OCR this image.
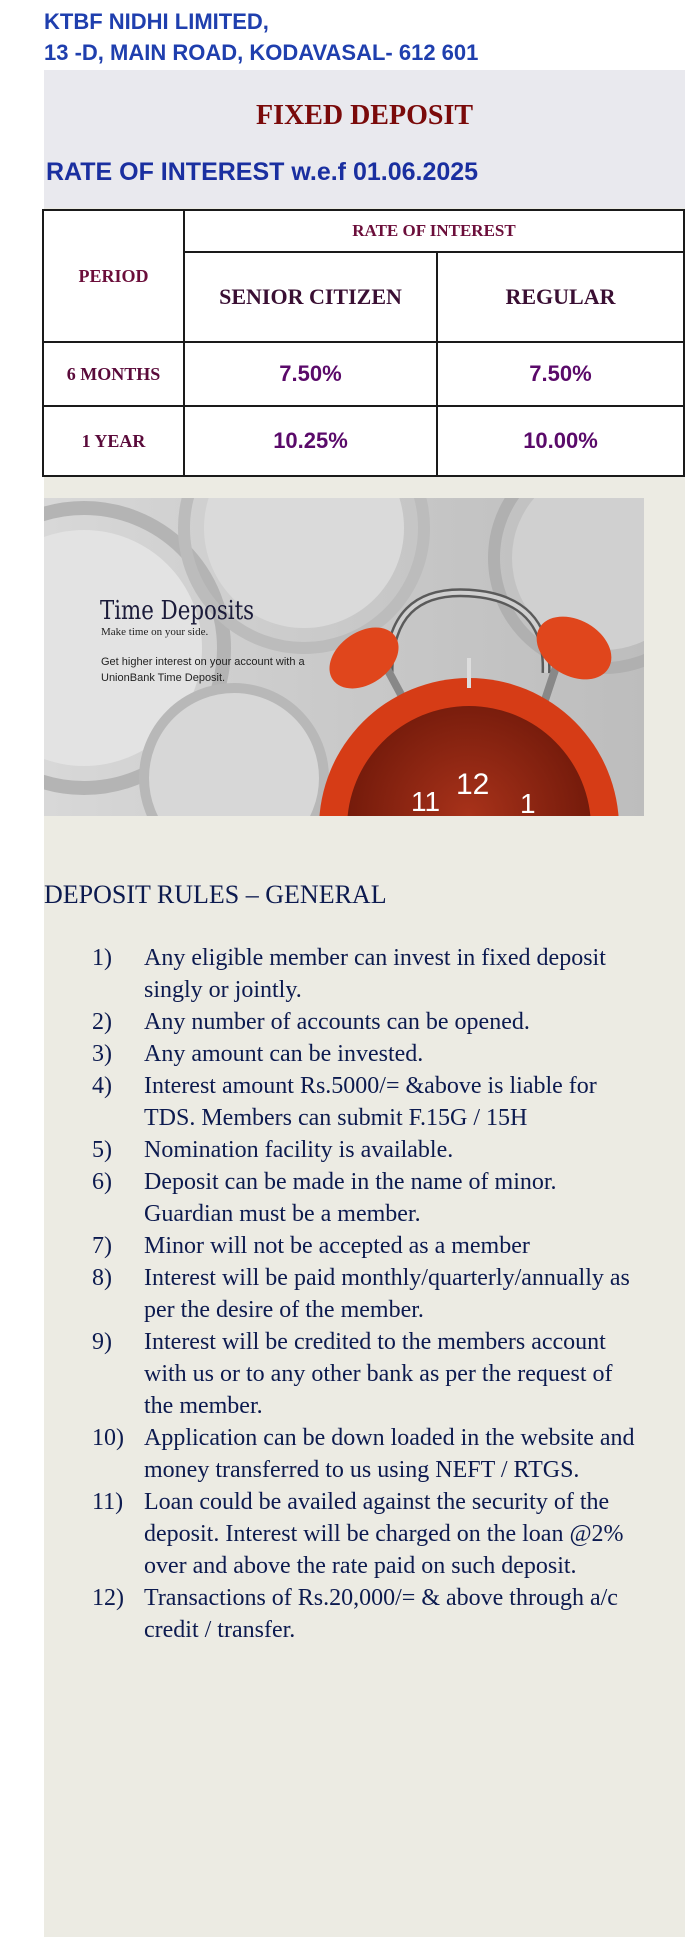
KTBF NIDHI LIMITED,
13 -D, MAIN ROAD, KODAVASAL- 612 601
FIXED DEPOSIT
RATE OF INTEREST w.e.f 01.06.2025
PERIOD	RATE OF INTEREST	
	SENIOR CITIZEN	REGULAR
6 MONTHS	7.50%	7.50%
1 YEAR	10.25%	10.00%
Time Deposits
Make time on your side.
Get higher interest on your account with a UnionBank Time Deposit.
11
12
1
DEPOSIT RULES – GENERAL
1) Any eligible member can invest in fixed deposit singly or jointly.
2) Any number of accounts can be opened.
3) Any amount can be invested.
4) Interest amount Rs.5000/= &above is liable for TDS. Members can submit F.15G / 15H
5) Nomination facility is available.
6) Deposit can be made in the name of minor. Guardian must be a member.
7) Minor will not be accepted as a member
8) Interest will be paid monthly/quarterly/annually as per the desire of the member.
9) Interest will be credited to the members account with us or to any other bank as per the request of the member.
10) Application can be down loaded in the website and money transferred to us using NEFT / RTGS.
11) Loan could be availed against the security of the deposit. Interest will be charged on the loan @2% over and above the rate paid on such deposit.
12) Transactions of Rs.20,000/= & above through a/c credit / transfer.
